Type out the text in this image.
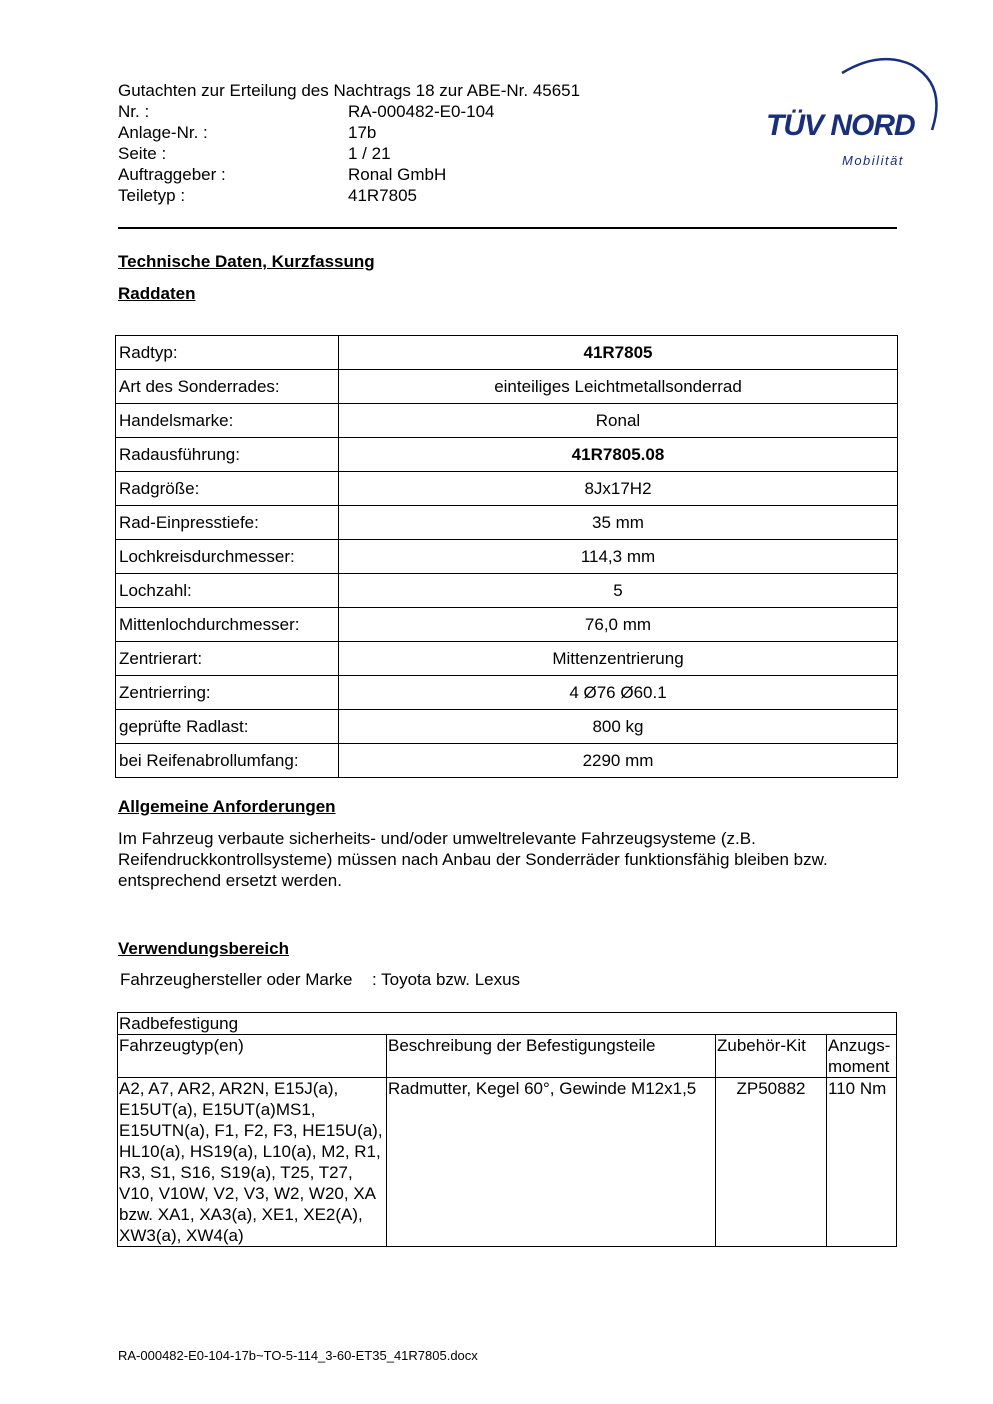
Gutachten zur Erteilung des Nachtrags 18 zur ABE-Nr. 45651
Nr. :	RA-000482-E0-104
Anlage-Nr. :	17b
Seite :	1 / 21
Auftraggeber :	Ronal GmbH
Teiletyp :	41R7805
TÜV NORD
Mobilität
Technische Daten, Kurzfassung
Raddaten
Radtyp:	41R7805
Art des Sonderrades:	einteiliges Leichtmetallsonderrad
Handelsmarke:	Ronal
Radausführung:	41R7805.08
Radgröße:	8Jx17H2
Rad-Einpresstiefe:	35 mm
Lochkreisdurchmesser:	114,3 mm
Lochzahl:	5
Mittenlochdurchmesser:	76,0 mm
Zentrierart:	Mittenzentrierung
Zentrierring:	4 Ø76 Ø60.1
geprüfte Radlast:	800 kg
bei Reifenabrollumfang:	2290 mm
Allgemeine Anforderungen
Im Fahrzeug verbaute sicherheits- und/oder umweltrelevante Fahrzeugsysteme (z.B. Reifendruckkontrollsysteme) müssen nach Anbau der Sonderräder funktionsfähig bleiben bzw. entsprechend ersetzt werden.
Verwendungsbereich
Fahrzeughersteller oder Marke : Toyota bzw. Lexus
Radbefestigung			
Fahrzeugtyp(en)	Beschreibung der Befestigungsteile	Zubehör-Kit	Anzugs-moment
A2, A7, AR2, AR2N, E15J(a), E15UT(a), E15UT(a)MS1, E15UTN(a), F1, F2, F3, HE15U(a), HL10(a), HS19(a), L10(a), M2, R1, R3, S1, S16, S19(a), T25, T27, V10, V10W, V2, V3, W2, W20, XA bzw. XA1, XA3(a), XE1, XE2(A), XW3(a), XW4(a)	Radmutter, Kegel 60°, Gewinde M12x1,5	ZP50882	110 Nm
RA-000482-E0-104-17b~TO-5-114_3-60-ET35_41R7805.docx
